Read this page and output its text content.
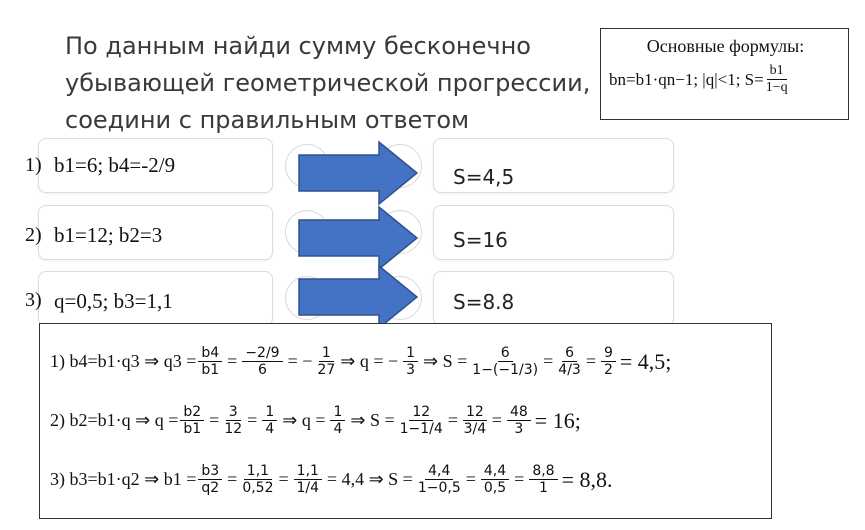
По данным найди сумму бесконечно
убывающей геометрической прогрессии,
соедини с правильным ответом
Основные формулы:
bn=b1·qn−1; |q|<1; $S= \frac{b1}{1-q}$
1)
2)
3)
b1=6; b4=-2/9
b1=12; b2=3
q=0,5; b3=1,1
S=4,5
S=16
S=8.8
1) b4=b1·q3 ⇒ $q3 = \frac{b4}{b1} = \frac{-2/9}{6}$ = − $\frac{1}{27}$ ⇒ q = − $\frac{1}{3}$ ⇒ $S = \frac{6}{1-(-1/3)} = \frac{6}{4/3} = \frac{9}{2} = 4,5$;
2) b2=b1·q ⇒ $q = \frac{b2}{b1} = \frac{3}{12} = \frac{1}{4}$ ⇒ $q = \frac{1}{4}$ ⇒ $S = \frac{12}{1-1/4} = \frac{12}{3/4} = \frac{48}{3} = 16$;
3) b3=b1·q2 ⇒ $b1 = \frac{b3}{q2} = \frac{1,1}{0,52} = \frac{1,1}{1/4} = 4,4$ ⇒ $S = \frac{4,4}{1-0,5} = \frac{4,4}{0,5} = \frac{8,8}{1} = 8,8$.
